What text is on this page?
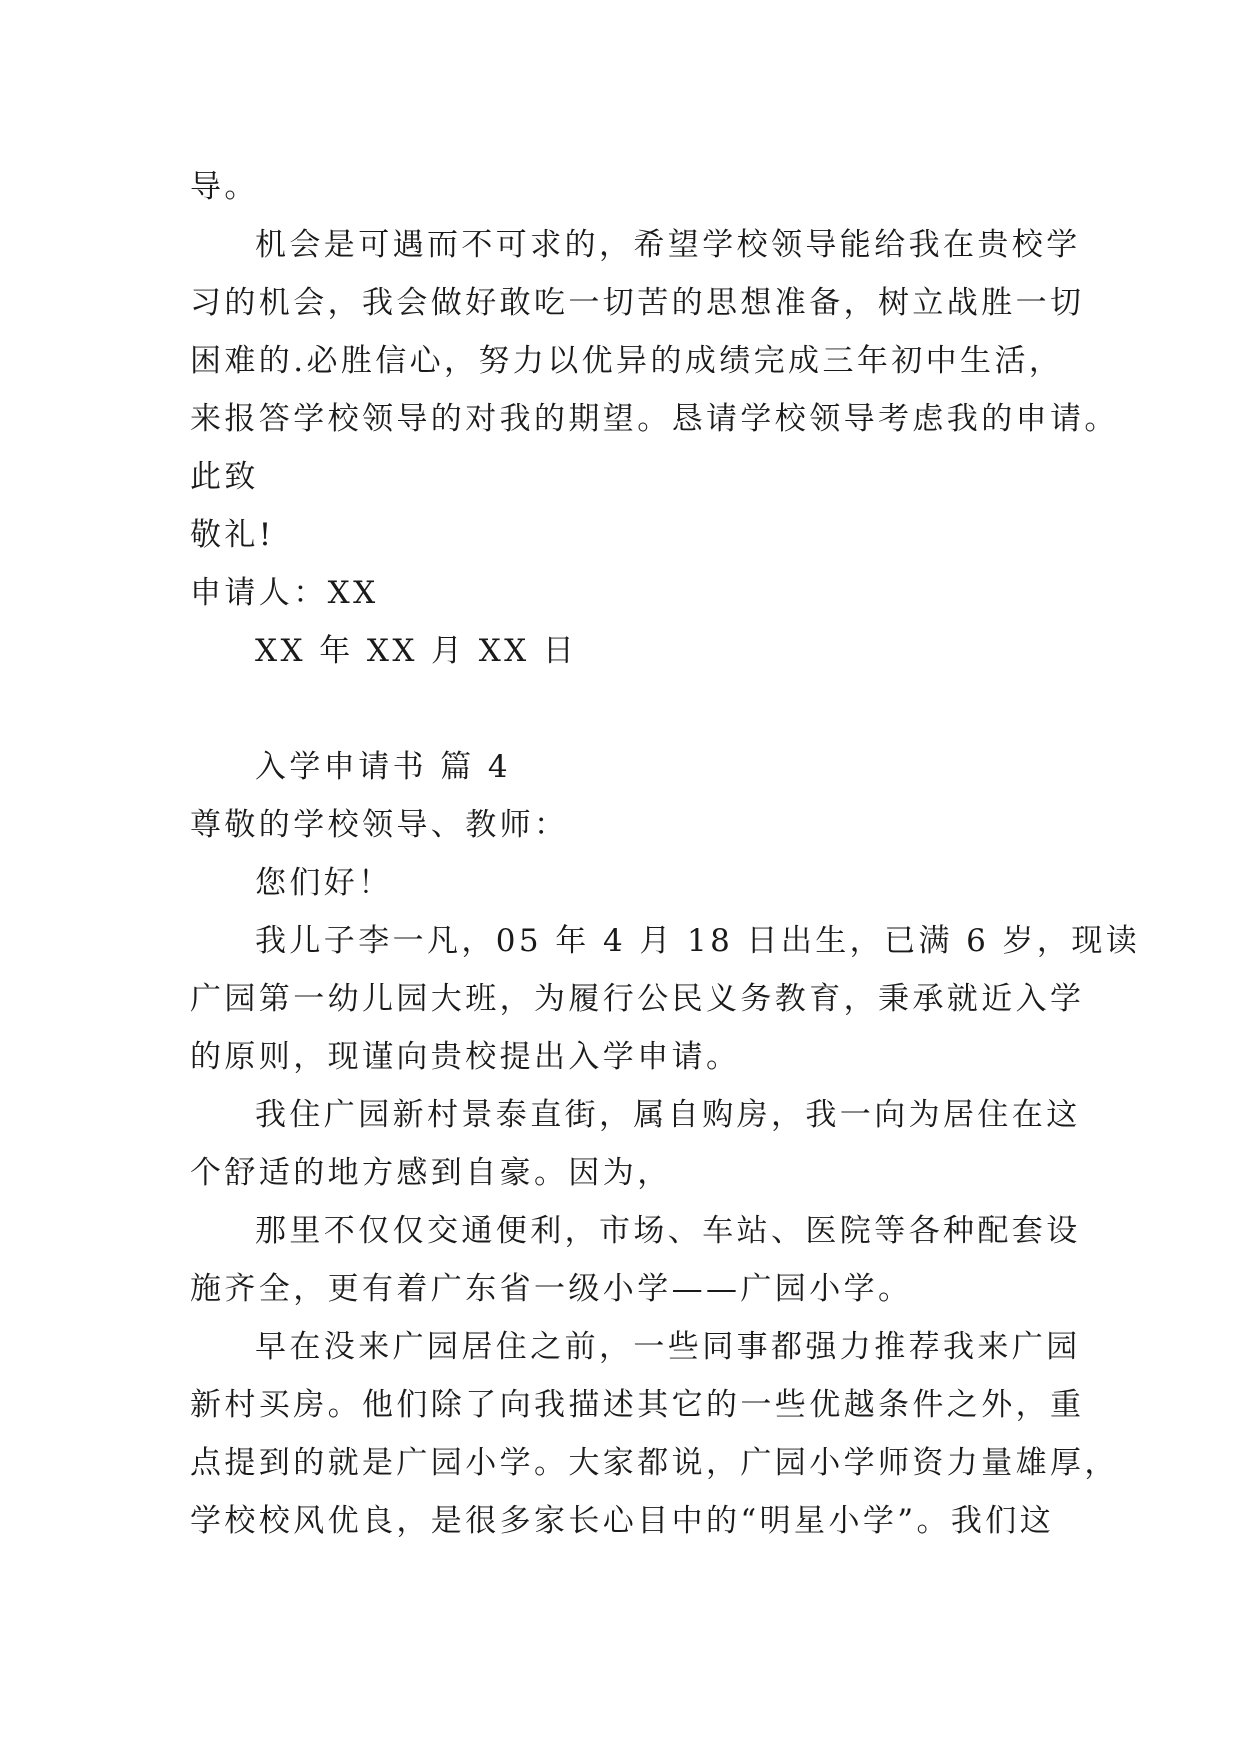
导。
机会是可遇而不可求的，希望学校领导能给我在贵校学
习的机会，我会做好敢吃一切苦的思想准备，树立战胜一切
困难的.必胜信心，努力以优异的成绩完成三年初中生活，
来报答学校领导的对我的期望。恳请学校领导考虑我的申请。
此致
敬礼!
申请人：XX
XX 年 XX 月 XX 日
入学申请书 篇 4
尊敬的学校领导、教师：
您们好！
我儿子李一凡，05 年 4 月 18 日出生，已满 6 岁，现读
广园第一幼儿园大班，为履行公民义务教育，秉承就近入学
的原则，现谨向贵校提出入学申请。
我住广园新村景泰直街，属自购房，我一向为居住在这
个舒适的地方感到自豪。因为，
那里不仅仅交通便利，市场、车站、医院等各种配套设
施齐全，更有着广东省一级小学——广园小学。
早在没来广园居住之前，一些同事都强力推荐我来广园
新村买房。他们除了向我描述其它的一些优越条件之外，重
点提到的就是广园小学。大家都说，广园小学师资力量雄厚，
学校校风优良，是很多家长心目中的“明星小学”。我们这
